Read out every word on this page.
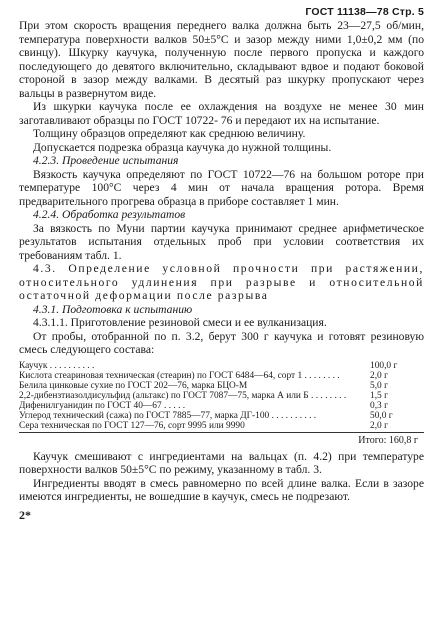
ГОСТ 11138—78 Стр. 5

При этом скорость вращения переднего валка должна быть 23—27,5 об/мин, температура поверхности валков 50±5°С и зазор между ними 1,0±0,2 мм (по свинцу). Шкурку каучука, полученную после первого пропуска и каждого последующего до девятого включительно, складывают вдвое и подают боковой стороной в зазор между валками. В десятый раз шкурку пропускают через вальцы в развернутом виде.

Из шкурки каучука после ее охлаждения на воздухе не менее 30 мин заготавливают образцы по ГОСТ 10722- 76 и передают их на испытание.

Толщину образцов определяют как среднюю величину.

Допускается подрезка образца каучука до нужной толщины.

4.2.3. Проведение испытания

Вязкость каучука определяют по ГОСТ 10722—76 на большом роторе при температуре 100°С через 4 мин от начала вращения ротора. Время предварительного прогрева образца в приборе составляет 1 мин.

4.2.4. Обработка результатов

За вязкость по Муни партии каучука принимают среднее арифметическое результатов испытания отдельных проб при условии соответствия их требованиям табл. 1.

4.3. Определение условной прочности при растяжении, относительного удлинения при разрыве и относительной остаточной деформации после разрыва

4.3.1. Подготовка к испытанию

4.3.1.1. Приготовление резиновой смеси и ее вулканизация.

От пробы, отобранной по п. 3.2, берут 300 г каучука и готовят резиновую смесь следующего состава:

Каучук . . . . . . . . . .	100,0 г
Кислота стеариновая техническая (стеарин) по ГОСТ 6484—64, сорт 1 . . . . . . . .	2,0 г
Белила цинковые сухие по ГОСТ 202—76, марка БЦО-М	5,0 г
2,2-дибензтиазолдисульфид (альтакс) по ГОСТ 7087—75, марка А или Б . . . . . . . .	1,5 г
Дифенилгуанидин по ГОСТ 40—67 . . . . .	0,3 г
Углерод технический (сажа) по ГОСТ 7885—77, марка ДГ-100 . . . . . . . . . .	50,0 г
Сера техническая по ГОСТ 127—76, сорт 9995 или 9990	2,0 г
Итого: 160,8 г

Каучук смешивают с ингредиентами на вальцах (п. 4.2) при температуре поверхности валков 50±5°С по режиму, указанному в табл. 3.

Ингредиенты вводят в смесь равномерно по всей длине валка. Если в зазоре имеются ингредиенты, не вошедшие в каучук, смесь не подрезают.

2*
